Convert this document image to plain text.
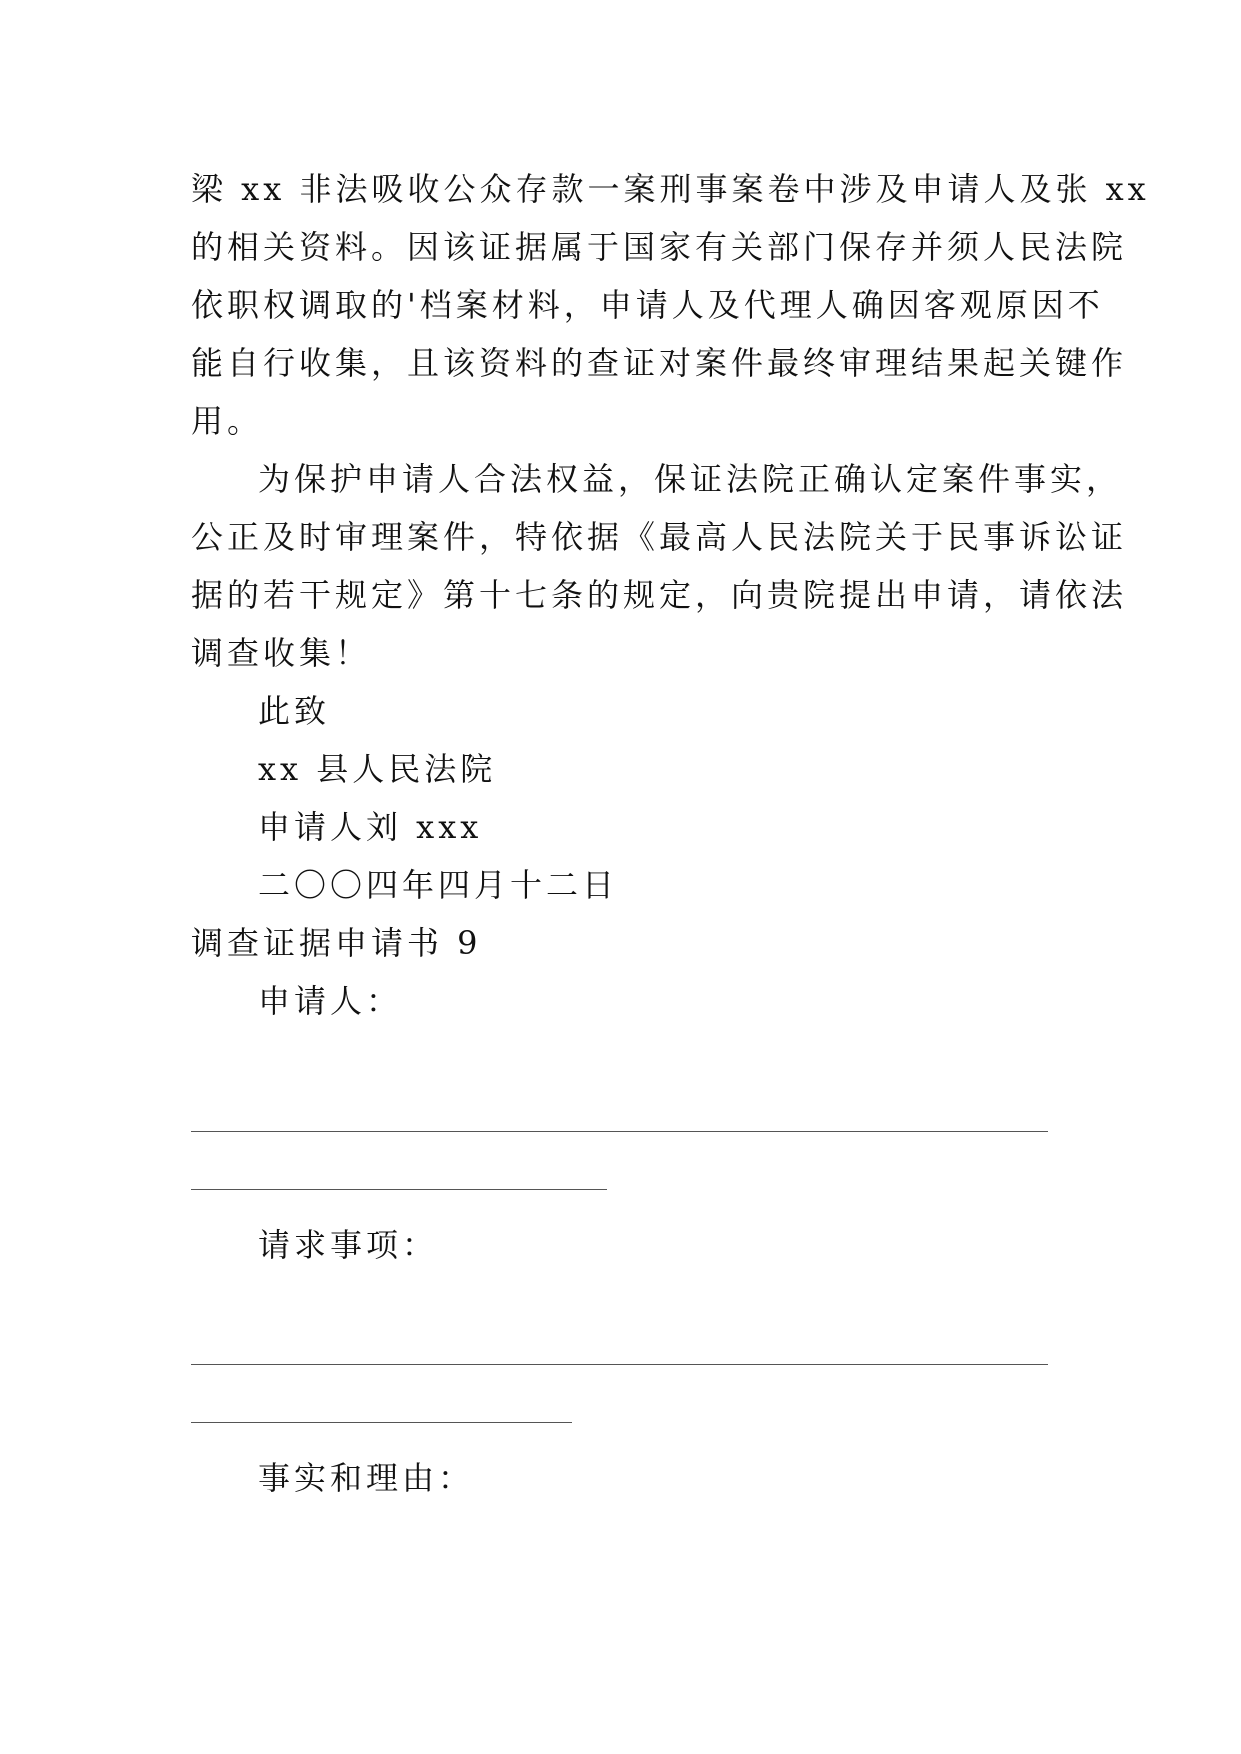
梁 xx 非法吸收公众存款一案刑事案卷中涉及申请人及张 xx
的相关资料。因该证据属于国家有关部门保存并须人民法院
依职权调取的'档案材料，申请人及代理人确因客观原因不
能自行收集，且该资料的查证对案件最终审理结果起关键作
用。
为保护申请人合法权益，保证法院正确认定案件事实，
公正及时审理案件，特依据《最高人民法院关于民事诉讼证
据的若干规定》第十七条的规定，向贵院提出申请，请依法
调查收集！
此致
xx 县人民法院
申请人刘 xxx
二〇〇四年四月十二日
调查证据申请书 9
申请人：
请求事项：
事实和理由：
